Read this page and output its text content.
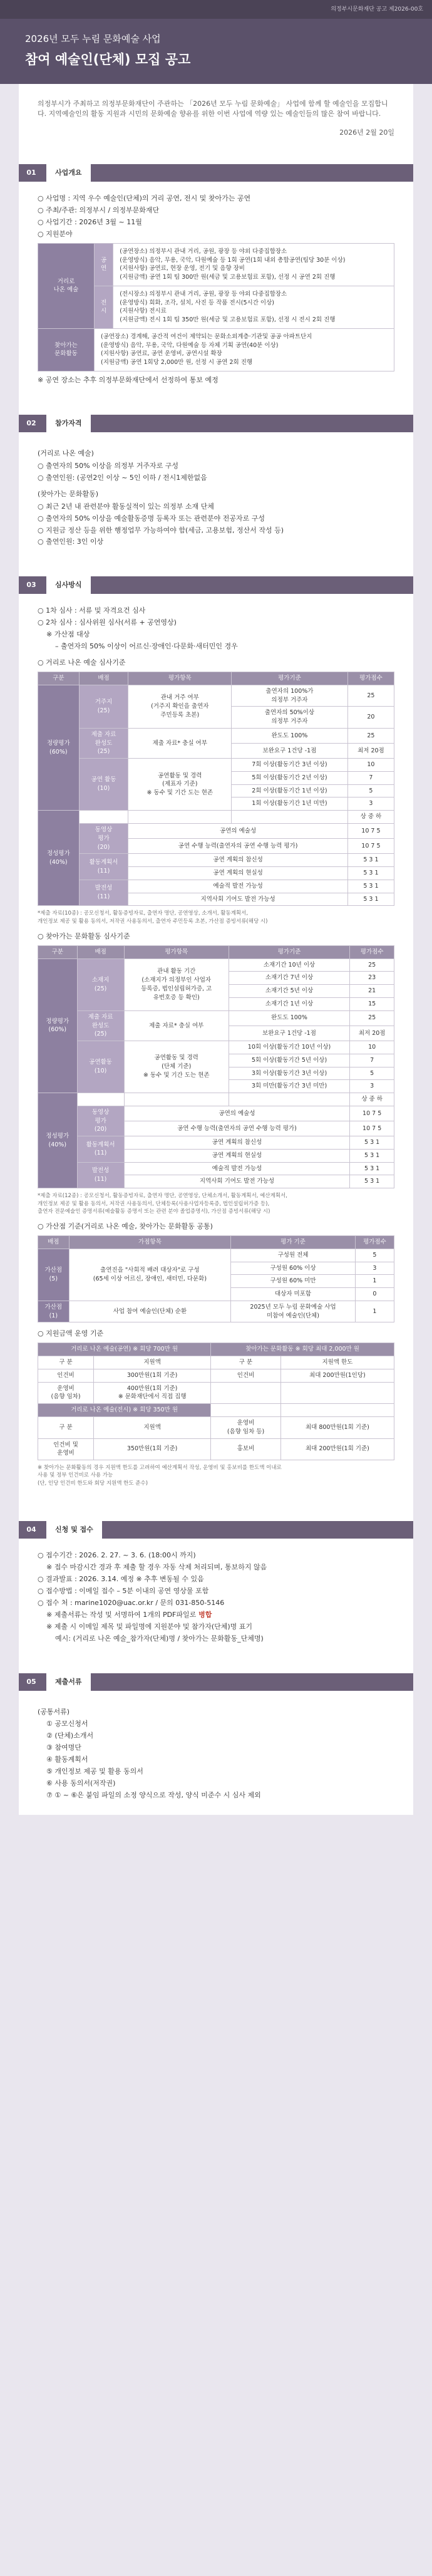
의정부시문화재단 공고 제2026-00호
2026년 모두 누림 문화예술 사업
참여 예술인(단체) 모집 공고
의정부시가 주최하고 의정부문화재단이 주관하는 「2026년 모두 누림 문화예술」 사업에 함께 할 예술인을 모집합니다. 지역예술인의 활동 지원과 시민의 문화예술 향유를 위한 이번 사업에 역량 있는 예술인들의 많은 참여 바랍니다.
2026년 2월 20일
01	사업개요
○ 사업명 : 지역 우수 예술인(단체)의 거리 공연, 전시 및 찾아가는 공연
○ 주최/주관: 의정부시 / 의정부문화재단
○ 사업기간 : 2026년 3월 ~ 11월
○ 지원분야
거리로
나온 예술	공연	(공연장소) 의정부시 관내 거리, 공원, 광장 등 야외 다중집합장소
(운영방식) 음악, 무용, 국악, 다원예술 등 1회 공연(1회 내외 총합공연(팀당 30분 이상)
(지원사항) 공연료, 현장 운영, 전기 및 음향 장비
(지원금액) 공연 1회 팀 300만 원(세금 및 고용보험료 포함), 선정 시 공연 2회 진행
	전시	(전시장소) 의정부시 관내 거리, 공원, 광장 등 야외 다중집합장소
(운영방식) 회화, 조각, 설치, 사진 등 작품 전시(5시간 이상)
(지원사항) 전시료
(지원금액) 전시 1회 팀 350만 원(세금 및 고용보험료 포함), 선정 시 전시 2회 진행
찾아가는
문화활동	(공연장소) 경계해, 공간적 여건이 제약되는 문화소외계층·기관및 공공 아파트단지
(운영방식) 음악, 무용, 국악, 다원예술 등 자체 기획 공연(40분 이상)
(지원사항) 공연료, 공연 운영비, 공연시설 확장
(지원금액) 공연 1회당 2,000만 원, 선정 시 공연 2회 진행	
※ 공연 장소는 추후 의정부문화재단에서 선정하여 통보 예정
02	참가자격
(거리로 나온 예술)
○ 출연자의 50% 이상을 의정부 거주자로 구성
○ 출연인원: (공연2인 이상 ~ 5인 이하 / 전시1제한없음
(찾아가는 문화활동)
○ 최근 2년 내 관련분야 활동실적이 있는 의정부 소재 단체
○ 출연자의 50% 이상을 예술활동증명 등록자 또는 관련분야 전공자로 구성
○ 지원금 정산 등을 위한 행정업무 가능하여야 함(세금, 고용보험, 정산서 작성 등)
○ 출연인원: 3인 이상
03	심사방식
○ 1차 심사 : 서류 및 자격요건 심사
○ 2차 심사 : 심사위원 심사(서류 + 공연영상)
※ 가산점 대상
– 출연자의 50% 이상이 어르신·장애인·다문화·새터민인 경우
○ 거리로 나온 예술 심사기준
구분	배점	평가항목	평가기준	평가점수
정량평가
(60%)	거주지
(25)	관내 거주 여부
(거주지 확인을 출연자
주민등록 초본)	출연자의 100%가
의정부 거주자	25
			출연자의 50%이상
의정부 거주자	20
	제출 자료
완성도
(25)	제출 자료* 충실 여부	완도도 100%	25
			보완요구 1건당 -1점	최저 20점
	공연 활동
(10)	공연활동 및 경력
(제표자 기준)
※ 동수 및 기간 도는 현존	7회 이상(활동기간 3년 이상)	10
			5회 이상(활동기간 2년 이상)	7
			2회 이상(활동기간 1년 이상)	5
			1회 이상(활동기간 1년 미만)	3
정성평가
(40%)				상 중 하
	동영상
평가
(20)	공연의 예술성		10 7 5
		공연 수행 능력(출연자의 공연 수행 능력 평가)		10 7 5
	활동계획서
(11)	공연 계획의 참신성		5 3 1
		공연 계획의 현실성		5 3 1
	발전성
(11)	예술적 발전 가능성		5 3 1
		지역사회 기여도 발전 가능성		5 3 1
*제출 자료(10종) : 공모신청서, 활동증빙자료, 출연자 명단, 공연영상, 소개서, 활동계획서,
개인정보 제공 및 활용 동의서, 저작권 사용동의서, 출연자 주민등록 초본, 가산점 증빙서류(해당 시)
○ 찾아가는 문화활동 심사기준
구분	배점	평가항목	평가기준	평가점수
정량평가
(60%)	소재지
(25)	관내 활동 기간
(소재지가 의정부인 사업자
등록증, 법인설립허가증, 고
유번호증 등 확인)	소재기간 10년 이상	25
			소재기간 7년 이상	23
			소재기간 5년 이상	21
			소재기간 1년 이상	15
	제출 자료
완성도
(25)	제출 자료* 충실 여부	완도도 100%	25
			보완요구 1건당 -1점	최저 20점
	공연활동
(10)	공연활동 및 경력
(단체 기준)
※ 동수 및 기간 도는 현존	10회 이상(활동기간 10년 이상)	10
			5회 이상(활동기간 5년 이상)	7
			3회 이상(활동기간 3년 이상)	5
			3회 미만(활동기간 3년 미만)	3
정성평가
(40%)				상 중 하
	동영상
평가
(20)	공연의 예술성		10 7 5
		공연 수행 능력(출연자의 공연 수행 능력 평가)		10 7 5
	활동계획서
(11)	공연 계획의 참신성		5 3 1
		공연 계획의 현실성		5 3 1
	발전성
(11)	예술적 발전 가능성		5 3 1
		지역사회 기여도 발전 가능성		5 3 1
*제출 자료(12종) : 공모신청서, 활동증빙자료, 출연자 명단, 공연영상, 단체소개서, 활동계획서, 예산계획서,
개인정보 제공 및 활용 동의서, 저작권 사용동의서, 단체등록(사용사업자등록증, 법인설립허가증 등),
출연자 전문예술인 증명서류(예술활동 증명서 또는 관련 분야 졸업증명서), 가산점 증빙서류(해당 시)
○ 가산점 기준(거리로 나온 예술, 찾아가는 문화활동 공통)
배점	가점항목	평가 기준	평가점수
가산점
(5)	출연진을 "사회적 배려 대상자"로 구성
(65세 이상 어르신, 장애인, 새터민, 다문화)	구성원 전체	5
		구성원 60% 이상	3
		구성원 60% 미만	1
		대상자 미포함	0
가산점
(1)	사업 참여 예술인(단체) 순환	2025년 모두 누림 문화예술 사업
미참여 예술인(단체)	1
○ 지원금액 운영 기준
거리로 나온 예술(공연) ※ 회당 700만 원		찾아가는 문화활동 ※ 회당 최대 2,000만 원	
구 분	지원액	구 분	지원액 한도
인건비	300만원(1회 기준)	인건비	최대 200만원(1인당)
운영비
(음향 임차)	400만원(1회 기준)
※ 문화재단에서 직접 집행		
거리로 나온 예술(전시) ※ 회당 350만 원			
구 분	지원액	운영비
(음향 임차 등)	최대 800만원(1회 기준)
인건비 및
운영비	350만원(1회 기준)	홍보비	최대 200만원(1회 기준)
※ 찾아가는 문화활동의 경우 지원액 한도를 고려하여 예산계획서 작성, 운영비 및 홍보비를 한도액 이내로
사용 및 정부 인건비로 사용 가능
(단, 인당 인건비 한도와 회당 지원액 한도 준수)
04	신청 및 접수
○ 접수기간 : 2026. 2. 27. ~ 3. 6. (18:00시 까지)
※ 접수 마감시간 경과 후 제출 할 경우 자동 삭제 처리되며, 통보하지 않음
○ 결과발표 : 2026. 3.14. 예정 ※ 추후 변동될 수 있음
○ 접수방법 : 이메일 접수 – 5분 이내의 공연 영상물 포함
○ 접수 처 : marine1020@uac.or.kr / 문의 031-850-5146
※ 제출서류는 작성 및 서명하여 1개의 PDF파일로 병합
※ 제출 시 이메일 제목 및 파일명에 지원분야 및 참가자(단체)명 표기
예시: (거리로 나온 예술_참가자(단체)명 / 찾아가는 문화활동_단체명)
05	제출서류
(공통서류)
① 공모신청서
② (단체)소개서
③ 참여명단
④ 활동계획서
⑤ 개인정보 제공 및 활용 동의서
⑥ 사용 동의서(저작권)
⑦ ① ~ ⑥은 붙임 파일의 소정 양식으로 작성, 양식 미준수 시 심사 제외
